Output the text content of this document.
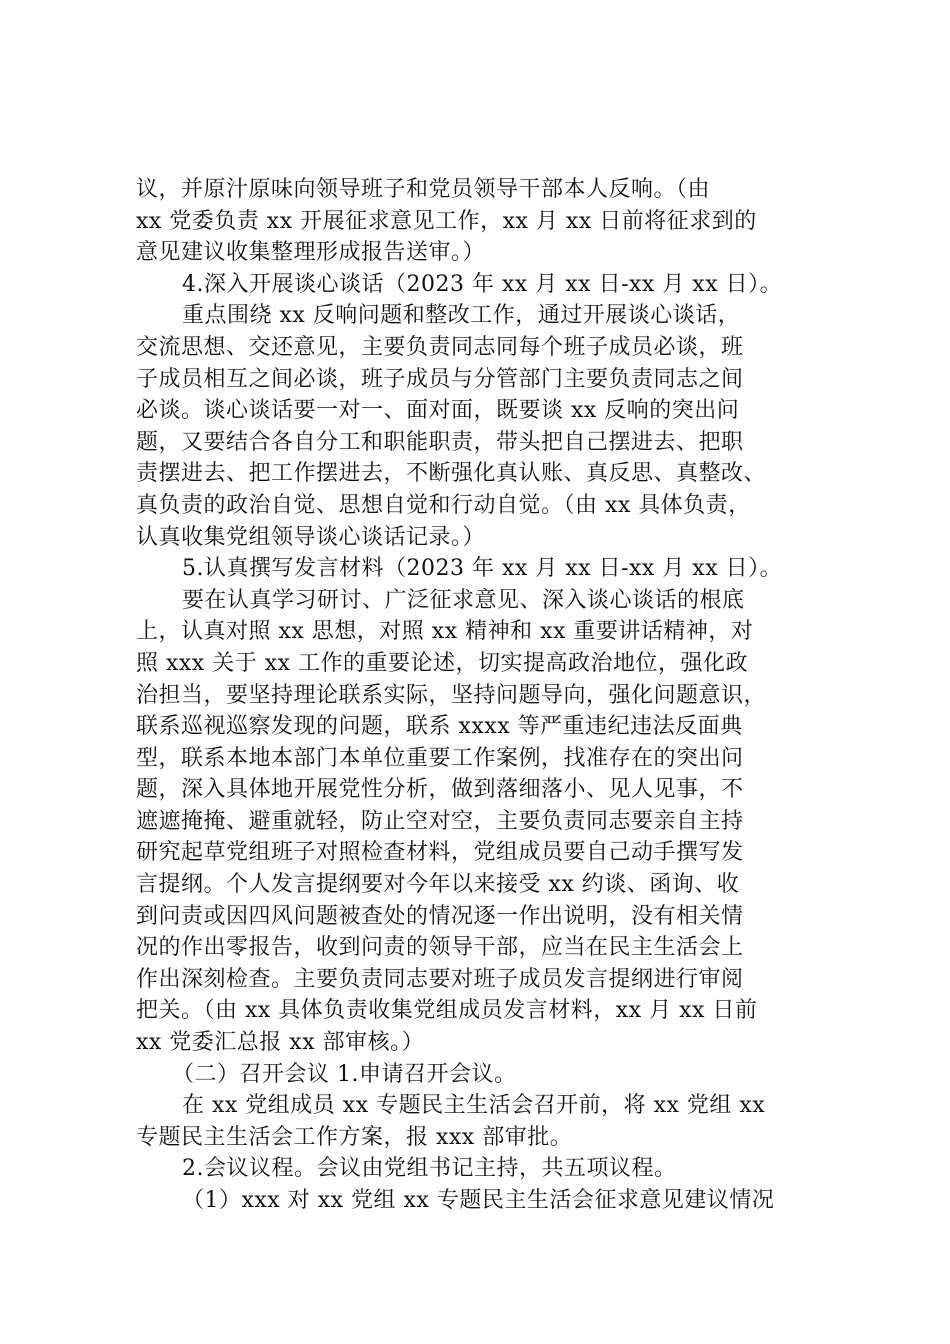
议，并原汁原味向领导班子和党员领导干部本人反响。（由
xx 党委负责 xx 开展征求意见工作，xx 月 xx 日前将征求到的
意见建议收集整理形成报告送审。）
4.深入开展谈心谈话（2023 年 xx 月 xx 日-xx 月 xx 日）。
重点围绕 xx 反响问题和整改工作，通过开展谈心谈话，
交流思想、交还意见，主要负责同志同每个班子成员必谈，班
子成员相互之间必谈，班子成员与分管部门主要负责同志之间
必谈。谈心谈话要一对一、面对面，既要谈 xx 反响的突出问
题，又要结合各自分工和职能职责，带头把自己摆进去、把职
责摆进去、把工作摆进去，不断强化真认账、真反思、真整改、
真负责的政治自觉、思想自觉和行动自觉。（由 xx 具体负责，
认真收集党组领导谈心谈话记录。）
5.认真撰写发言材料（2023 年 xx 月 xx 日-xx 月 xx 日）。
要在认真学习研讨、广泛征求意见、深入谈心谈话的根底
上，认真对照 xx 思想，对照 xx 精神和 xx 重要讲话精神，对
照 xxx 关于 xx 工作的重要论述，切实提高政治地位，强化政
治担当，要坚持理论联系实际，坚持问题导向，强化问题意识，
联系巡视巡察发现的问题，联系 xxxx 等严重违纪违法反面典
型，联系本地本部门本单位重要工作案例，找准存在的突出问
题，深入具体地开展党性分析，做到落细落小、见人见事，不
遮遮掩掩、避重就轻，防止空对空，主要负责同志要亲自主持
研究起草党组班子对照检查材料，党组成员要自己动手撰写发
言提纲。个人发言提纲要对今年以来接受 xx 约谈、函询、收
到问责或因四风问题被查处的情况逐一作出说明，没有相关情
况的作出零报告，收到问责的领导干部，应当在民主生活会上
作出深刻检查。主要负责同志要对班子成员发言提纲进行审阅
把关。（由 xx 具体负责收集党组成员发言材料，xx 月 xx 日前
xx 党委汇总报 xx 部审核。）
（二）召开会议 1.申请召开会议。
在 xx 党组成员 xx 专题民主生活会召开前，将 xx 党组 xx
专题民主生活会工作方案，报 xxx 部审批。
2.会议议程。会议由党组书记主持，共五项议程。
（1）xxx 对 xx 党组 xx 专题民主生活会征求意见建议情况
